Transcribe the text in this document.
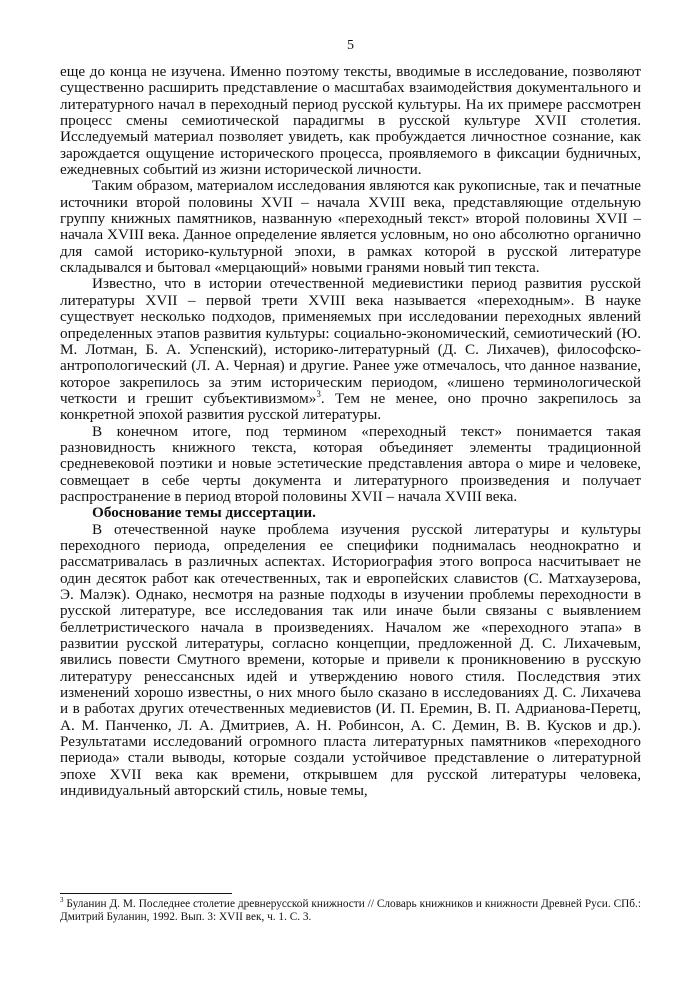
5

еще до конца не изучена. Именно поэтому тексты, вводимые в исследование, позволяют существенно расширить представление о масштабах взаимодействия документального и литературного начал в переходный период русской культуры. На их примере рассмотрен процесс смены семиотической парадигмы в русской культуре XVII столетия. Исследуемый материал позволяет увидеть, как пробуждается личностное сознание, как зарождается ощущение исторического процесса, проявляемого в фиксации будничных, ежедневных событий из жизни исторической личности.

Таким образом, материалом исследования являются как рукописные, так и печатные источники второй половины XVII – начала XVIII века, представляющие отдельную группу книжных памятников, названную «переходный текст» второй половины XVII – начала XVIII века. Данное определение является условным, но оно абсолютно органично для самой историко-культурной эпохи, в рамках которой в русской литературе складывался и бытовал «мерцающий» новыми гранями новый тип текста.

Известно, что в истории отечественной медиевистики период развития русской литературы XVII – первой трети XVIII века называется «переходным». В науке существует несколько подходов, применяемых при исследовании переходных явлений определенных этапов развития культуры: социально-экономический, семиотический (Ю. М. Лотман, Б. А. Успенский), историко-литературный (Д. С. Лихачев), философско-антропологический (Л. А. Черная) и другие. Ранее уже отмечалось, что данное название, которое закрепилось за этим историческим периодом, «лишено терминологической четкости и грешит субъективизмом»$^3$. Тем не менее, оно прочно закрепилось за конкретной эпохой развития русской литературы.

В конечном итоге, под термином «переходный текст» понимается такая разновидность книжного текста, которая объединяет элементы традиционной средневековой поэтики и новые эстетические представления автора о мире и человеке, совмещает в себе черты документа и литературного произведения и получает распространение в период второй половины XVII – начала XVIII века.

Обоснование темы диссертации.

В отечественной науке проблема изучения русской литературы и культуры переходного периода, определения ее специфики поднималась неоднократно и рассматривалась в различных аспектах. Историография этого вопроса насчитывает не один десяток работ как отечественных, так и европейских славистов (С. Матхаузерова, Э. Малэк). Однако, несмотря на разные подходы в изучении проблемы переходности в русской литературе, все исследования так или иначе были связаны с выявлением беллетристического начала в произведениях. Началом же «переходного этапа» в развитии русской литературы, согласно концепции, предложенной Д. С. Лихачевым, явились повести Смутного времени, которые и привели к проникновению в русскую литературу ренессансных идей и утверждению нового стиля. Последствия этих изменений хорошо известны, о них много было сказано в исследованиях Д. С. Лихачева и в работах других отечественных медиевистов (И. П. Еремин, В. П. Адрианова-Перетц, А. М. Панченко, Л. А. Дмитриев, А. Н. Робинсон, А. С. Демин, В. В. Кусков и др.). Результатами исследований огромного пласта литературных памятников «переходного периода» стали выводы, которые создали устойчивое представление о литературной эпохе XVII века как времени, открывшем для русской литературы человека, индивидуальный авторский стиль, новые темы,

$^3$ Буланин Д. М. Последнее столетие древнерусской книжности // Словарь книжников и книжности Древней Руси. СПб.: Дмитрий Буланин, 1992. Вып. 3: XVII век, ч. 1. С. 3.
